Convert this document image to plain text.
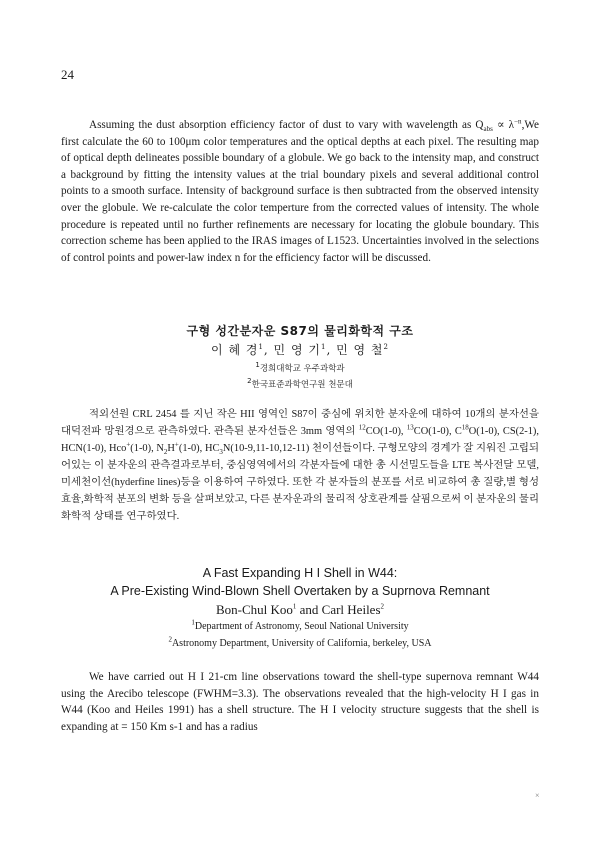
24

Assuming the dust absorption efficiency factor of dust to vary with wavelength as $Q_{abs} \propto \lambda^{-n},We$ first calculate the 60 to 100μm color temperatures and the optical depths at each pixel. The resulting map of optical depth delineates possible boundary of a globule. We go back to the intensity map, and construct a background by fitting the intensity values at the trial boundary pixels and several additional control points to a smooth surface. Intensity of background surface is then subtracted from the observed intensity over the globule. We re-calculate the color temperture from the corrected values of intensity. The whole procedure is repeated until no further refinements are necessary for locating the globule boundary. This correction scheme has been applied to the IRAS images of L1523. Uncertainties involved in the selections of control points and power-law index n for the efficiency factor will be discussed.

구형 성간분자운 S87의 물리화학적 구조
이 혜 경$^1$, 민 영 기$^1$, 민 영 철$^2$
$^1$경희대학교 우주과학과
$^2$한국표준과학연구원 천문대

적외선원 CRL 2454 를 지닌 작은 HII 영역인 S87이 중심에 위치한 분자운에 대하여 10개의 분자선을 대덕전파 망원경으로 관측하였다. 관측된 분자선들은 3mm 영역의 $^{12}$CO(1-0), $^{13}$CO(1-0), $C^{18}O(1-0)$, CS(2-1), HCN(1-0), Hco+(1-0), $N_2H^+(1-0)$, $HC_3N(10-9,11-10,12-11)$ 천이선들이다. 구형모양의 경계가 잘 지워진 고립되어있는 이 분자운의 관측결과로부터, 중심영역에서의 각분자들에 대한 총 시선밀도들을 LTE 복사전달 모델, 미세천이선(hyderfine lines)등을 이용하여 구하였다. 또한 각 분자들의 분포를 서로 비교하여 총 질량,별 형성 효율,화학적 분포의 변화 등을 살펴보았고, 다른 분자운과의 물리적 상호관계를 살핌으로써 이 분자운의 물리화학적 상태를 연구하였다.

A Fast Expanding H I Shell in W44:
A Pre-Existing Wind-Blown Shell Overtaken by a Suprnova Remnant
Bon-Chul Koo$^1$ and Carl Heiles$^2$
$^1$Department of Astronomy, Seoul National University
$^2$Astronomy Department, University of California, berkeley, USA

We have carried out H I 21-cm line observations toward the shell-type supernova remnant W44 using the Arecibo telescope (FWHM=3.3). The observations revealed that the high-velocity H I gas in W44 (Koo and Heiles 1991) has a shell structure. The H I velocity structure suggests that the shell is expanding at = 150 Km s-1 and has a radius

×
